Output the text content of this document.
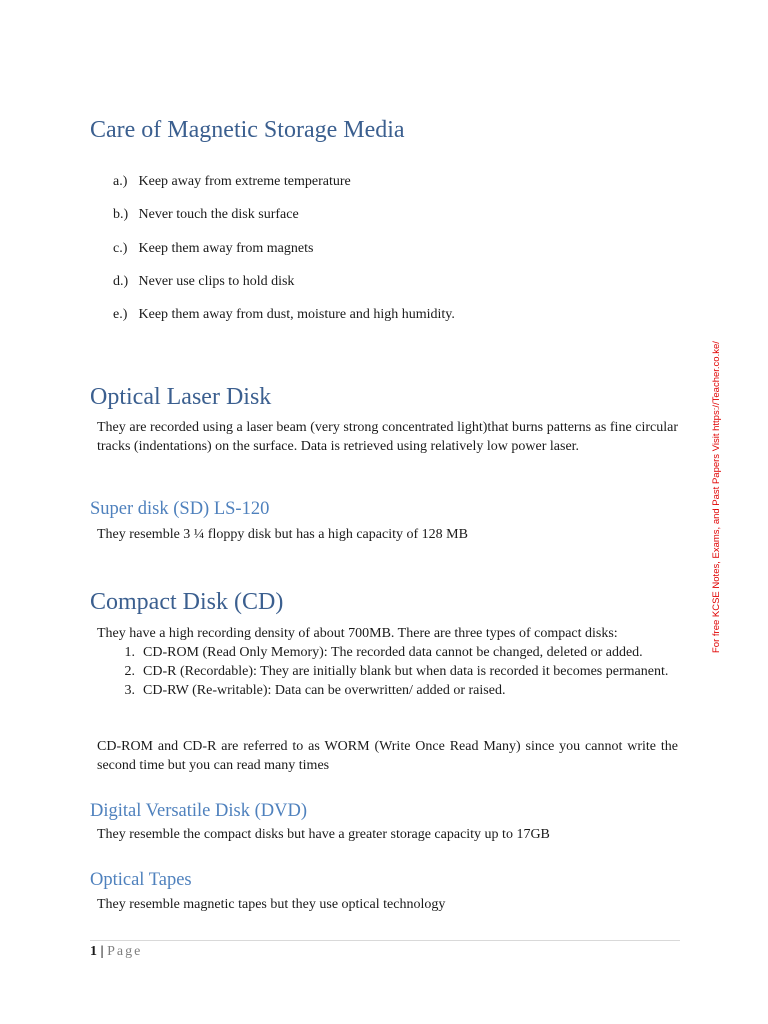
Care of Magnetic Storage Media
a.) Keep away from extreme temperature
b.) Never touch the disk surface
c.) Keep them away from magnets
d.) Never use clips to hold disk
e.) Keep them away from dust, moisture and high humidity.
Optical Laser Disk

They are recorded using a laser beam (very strong concentrated light)that burns patterns as fine circular tracks (indentations) on the surface. Data is retrieved using relatively low power laser.

Super disk (SD) LS-120

They resemble 3 ¼ floppy disk but has a high capacity of 128 MB

Compact Disk (CD)

They have a high recording density of about 700MB. There are three types of compact disks:

1. CD-ROM (Read Only Memory): The recorded data cannot be changed, deleted or added.
2. CD-R (Recordable): They are initially blank but when data is recorded it becomes permanent.
3. CD-RW (Re-writable): Data can be overwritten/ added or raised.

CD-ROM and CD-R are referred to as WORM (Write Once Read Many) since you cannot write the second time but you can read many times

Digital Versatile Disk (DVD)

They resemble the compact disks but have a greater storage capacity up to 17GB

Optical Tapes

They resemble magnetic tapes but they use optical technology

For free KCSE Notes, Exams, and Past Papers Visit https://Teacher.co.ke/
1 | Page
